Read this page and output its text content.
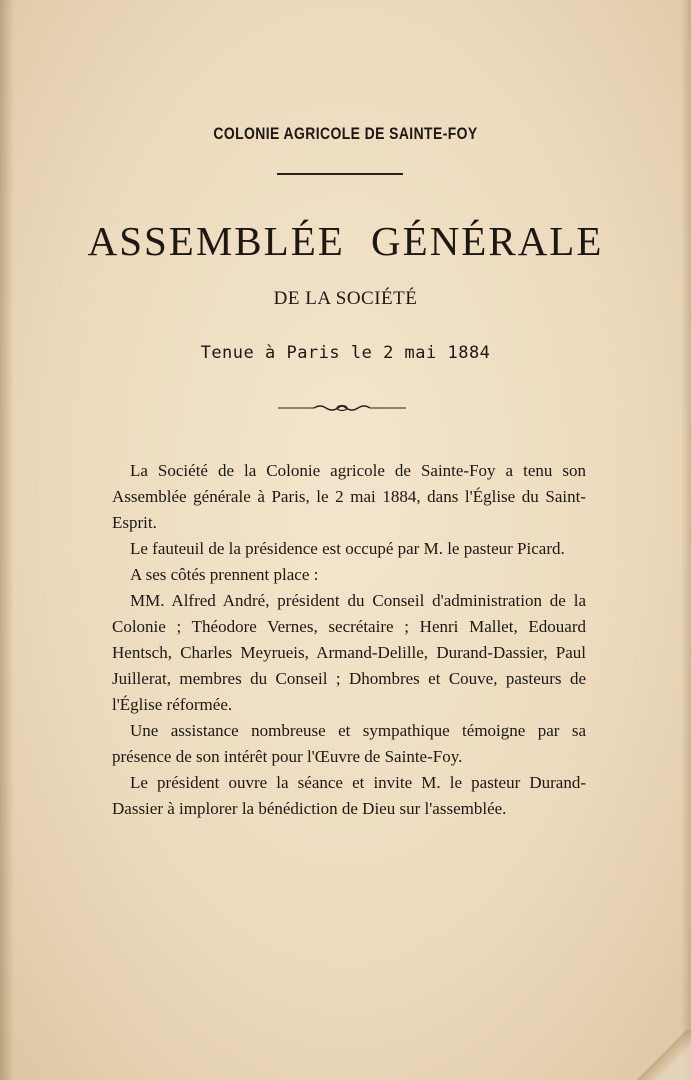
COLONIE AGRICOLE DE SAINTE-FOY
ASSEMBLÉE GÉNÉRALE
DE LA SOCIÉTÉ
Tenue à Paris le 2 mai 1884

La Société de la Colonie agricole de Sainte-Foy a tenu son Assemblée générale à Paris, le 2 mai 1884, dans l'Église du Saint-Esprit.

Le fauteuil de la présidence est occupé par M. le pasteur Picard.

A ses côtés prennent place :

MM. Alfred André, président du Conseil d'administration de la Colonie ; Théodore Vernes, secrétaire ; Henri Mallet, Edouard Hentsch, Charles Meyrueis, Armand-Delille, Durand-Dassier, Paul Juillerat, membres du Conseil ; Dhombres et Couve, pasteurs de l'Église réformée.

Une assistance nombreuse et sympathique témoigne par sa présence de son intérêt pour l'Œuvre de Sainte-Foy.

Le président ouvre la séance et invite M. le pasteur Durand-Dassier à implorer la bénédiction de Dieu sur l'assemblée.
